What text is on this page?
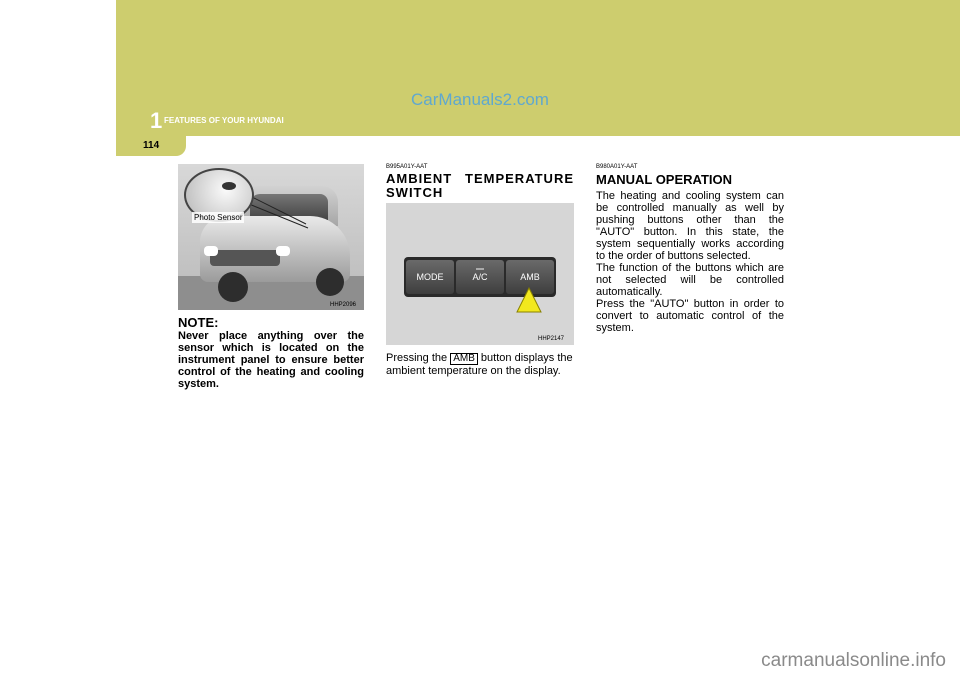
1 FEATURES OF YOUR HYUNDAI
114
CarManuals2.com
Photo Sensor
HHP2096
NOTE:
Never place anything over the sensor which is located on the instrument panel to ensure better control of the heating and cooling system.
B995A01Y-AAT
AMBIENT TEMPERATURE
SWITCH
MODE	A/C	AMB
HHP2147
Pressing the AMB button displays the ambient temperature on the display.
B980A01Y-AAT
MANUAL OPERATION

The heating and cooling system can be controlled manually as well by pushing buttons other than the "AUTO" button. In this state, the system sequentially works according to the order of buttons selected.

The function of the buttons which are not selected will be controlled automatically.

Press the "AUTO" button in order to convert to automatic control of the system.

carmanualsonline.info
